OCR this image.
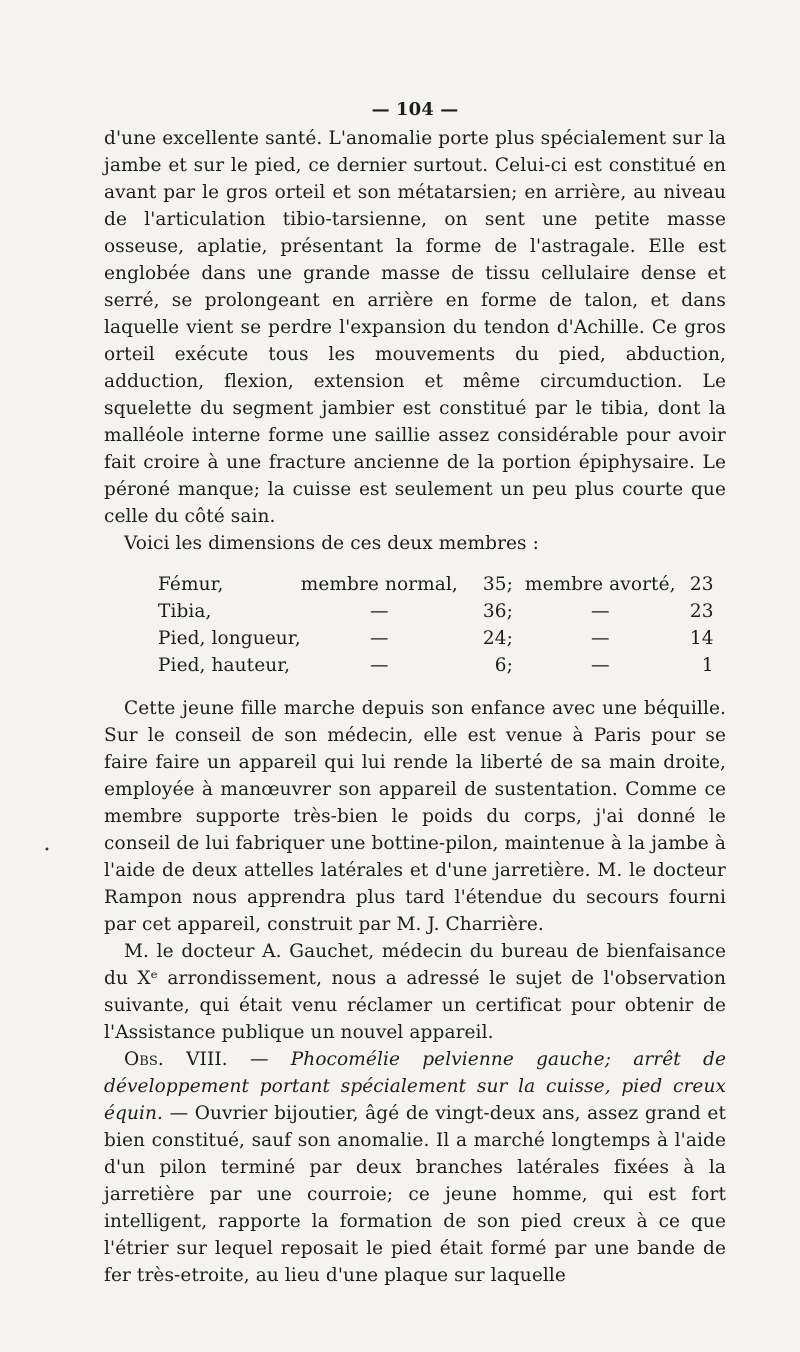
•
— 104 —

d'une excellente santé. L'anomalie porte plus spécialement sur la jambe et sur le pied, ce dernier surtout. Celui-ci est constitué en avant par le gros orteil et son métatarsien; en arrière, au niveau de l'articulation tibio-tarsienne, on sent une petite masse osseuse, aplatie, présentant la forme de l'astragale. Elle est englobée dans une grande masse de tissu cellulaire dense et serré, se prolongeant en arrière en forme de talon, et dans laquelle vient se perdre l'expansion du tendon d'Achille. Ce gros orteil exécute tous les mouvements du pied, abduction, adduction, flexion, extension et même circumduction. Le squelette du segment jambier est constitué par le tibia, dont la malléole interne forme une saillie assez considérable pour avoir fait croire à une fracture ancienne de la portion épiphysaire. Le péroné manque; la cuisse est seulement un peu plus courte que celle du côté sain.

Voici les dimensions de ces deux membres :

Fémur,	membre normal,	35;		membre avorté,	23
Tibia,	—	36;		—	23
Pied, longueur,	—	24;		—	14
Pied, hauteur,	—	6;		—	1

Cette jeune fille marche depuis son enfance avec une béquille. Sur le conseil de son médecin, elle est venue à Paris pour se faire faire un appareil qui lui rende la liberté de sa main droite, employée à manœuvrer son appareil de sustentation. Comme ce membre supporte très-bien le poids du corps, j'ai donné le conseil de lui fabriquer une bottine-pilon, maintenue à la jambe à l'aide de deux attelles latérales et d'une jarretière. M. le docteur Rampon nous apprendra plus tard l'étendue du secours fourni par cet appareil, construit par M. J. Charrière.

M. le docteur A. Gauchet, médecin du bureau de bienfaisance du Xᵉ arrondissement, nous a adressé le sujet de l'observation suivante, qui était venu réclamer un certificat pour obtenir de l'Assistance publique un nouvel appareil.

Obs. VIII. — Phocomélie pelvienne gauche; arrêt de développement portant spécialement sur la cuisse, pied creux équin. — Ouvrier bijoutier, âgé de vingt-deux ans, assez grand et bien constitué, sauf son anomalie. Il a marché longtemps à l'aide d'un pilon terminé par deux branches latérales fixées à la jarretière par une courroie; ce jeune homme, qui est fort intelligent, rapporte la formation de son pied creux à ce que l'étrier sur lequel reposait le pied était formé par une bande de fer très-etroite, au lieu d'une plaque sur laquelle
